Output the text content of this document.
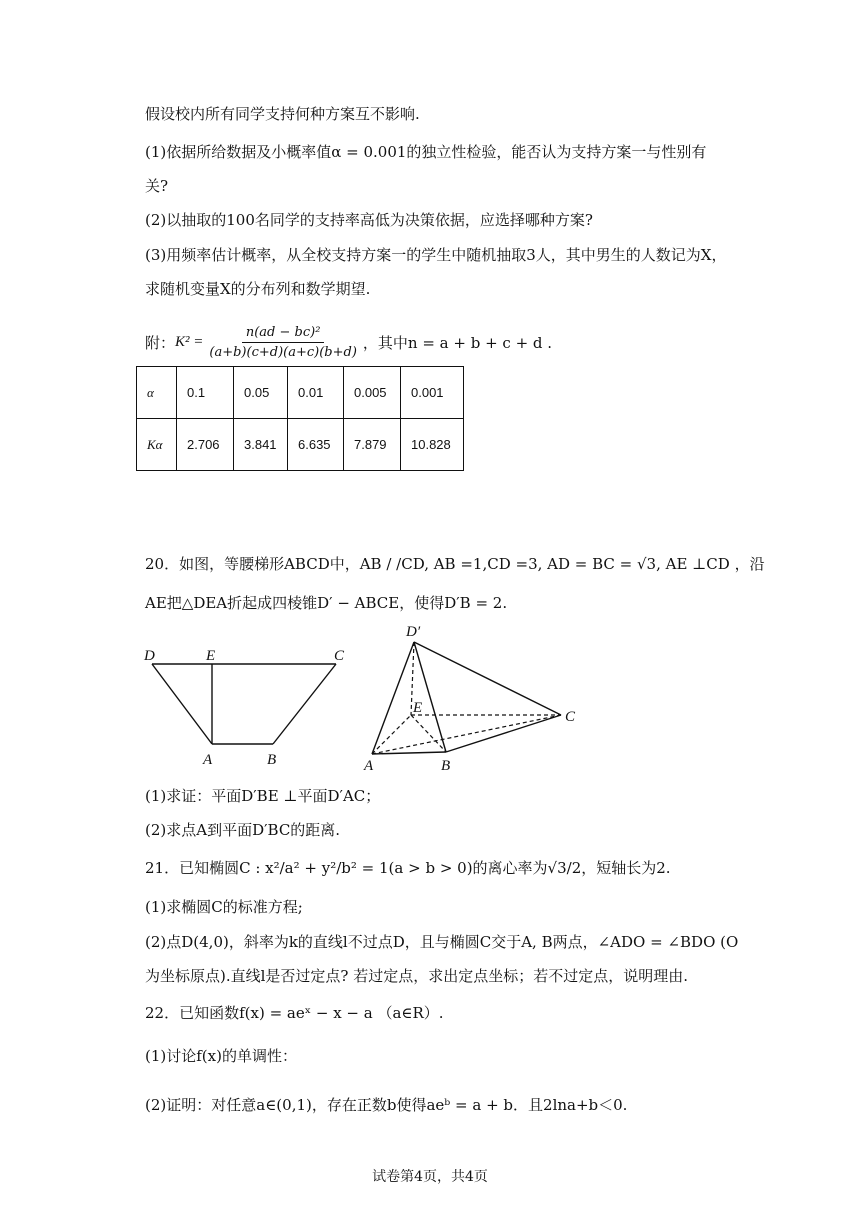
假设校内所有同学支持何种方案互不影响.
(1)依据所给数据及小概率值α = 0.001的独立性检验，能否认为支持方案一与性别有
关?
(2)以抽取的100名同学的支持率高低为决策依据，应选择哪种方案?
(3)用频率估计概率，从全校支持方案一的学生中随机抽取3人，其中男生的人数记为X，
求随机变量X的分布列和数学期望.
附： $K^2 = \frac{\text{n(ad − bc)²}}{(a+b)(c+d)(a+c)(b+d)}$ ，其中n = a + b + c + d .
α	0.1	0.05	0.01	0.005	0.001
Kα	2.706	3.841	6.635	7.879	10.828
20．如图，等腰梯形ABCD中，AB / /CD, AB =1,CD =3, AD = BC = √3, AE ⊥CD ，沿
AE把△DEA折起成四棱锥D′ − ABCE，使得D′B = 2.
D	E	C
A	B
D′
E
C
A	B
(1)求证：平面D′BE ⊥平面D′AC；
(2)求点A到平面D′BC的距离.
21．已知椭圆C : x²/a² + y²/b² = 1(a > b > 0)的离心率为√3/2，短轴长为2.
(1)求椭圆C的标准方程;
(2)点D(4,0)，斜率为k的直线l不过点D，且与椭圆C交于A, B两点，∠ADO = ∠BDO (O
为坐标原点).直线l是否过定点? 若过定点，求出定点坐标；若不过定点，说明理由.
22．已知函数f(x) = aeˣ − x − a （a∈R）.
(1)讨论f(x)的单调性：
(2)证明：对任意a∈(0,1)，存在正数b使得aeᵇ = a + b．且2lna+b＜0.
试卷第4页，共4页
